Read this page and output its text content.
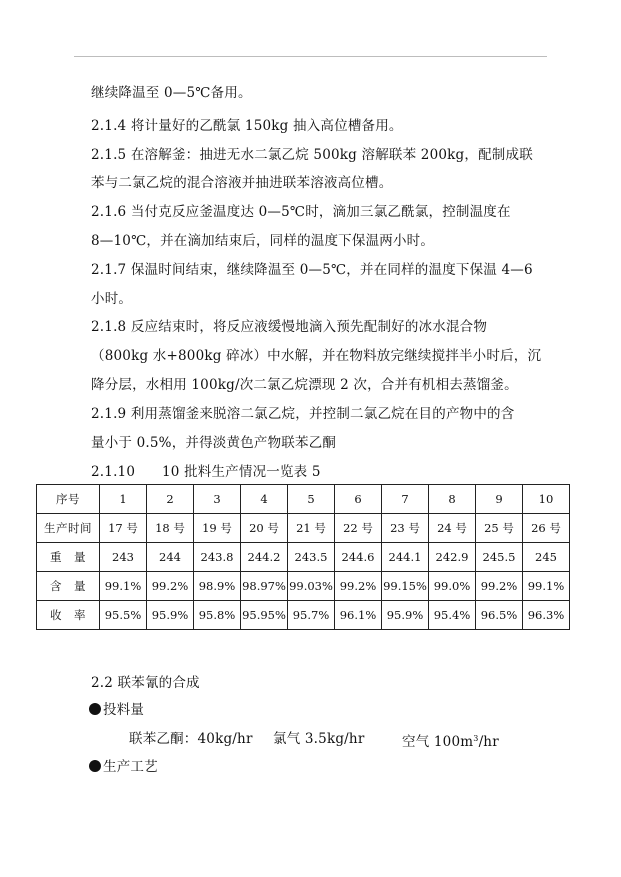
继续降温至 0—5℃备用。
2.1.4 将计量好的乙酰氯 150kg 抽入高位槽备用。
2.1.5 在溶解釜：抽进无水二氯乙烷 500kg 溶解联苯 200kg，配制成联
苯与二氯乙烷的混合溶液并抽进联苯溶液高位槽。
2.1.6 当付克反应釜温度达 0—5℃时，滴加三氯乙酰氯，控制温度在
8—10℃，并在滴加结束后，同样的温度下保温两小时。
2.1.7 保温时间结束，继续降温至 0—5℃，并在同样的温度下保温 4—6
小时。
2.1.8 反应结束时，将反应液缓慢地滴入预先配制好的冰水混合物
（800kg 水+800kg 碎冰）中水解，并在物料放完继续搅拌半小时后，沉
降分层，水相用 100kg/次二氯乙烷漂现 2 次，合并有机相去蒸馏釜。
2.1.9 利用蒸馏釜来脱溶二氯乙烷，并控制二氯乙烷在目的产物中的含
量小于 0.5%，并得淡黄色产物联苯乙酮
2.1.10 10 批料生产情况一览表 5
序号	1	2	3	4	5	6	7	8	9	10
生产时间	17 号	18 号	19 号	20 号	21 号	22 号	23 号	24 号	25 号	26 号
重　量	243	244	243.8	244.2	243.5	244.6	244.1	242.9	245.5	245
含　量	99.1%	99.2%	98.9%	98.97%	99.03%	99.2%	99.15%	99.0%	99.2%	99.1%
收　率	95.5%	95.9%	95.8%	95.95%	95.7%	96.1%	95.9%	95.4%	96.5%	96.3%
2.2 联苯氰的合成
投料量
联苯乙酮：40kg/hr 氯气 3.5kg/hr	空气 $100m^3/hr$
生产工艺
